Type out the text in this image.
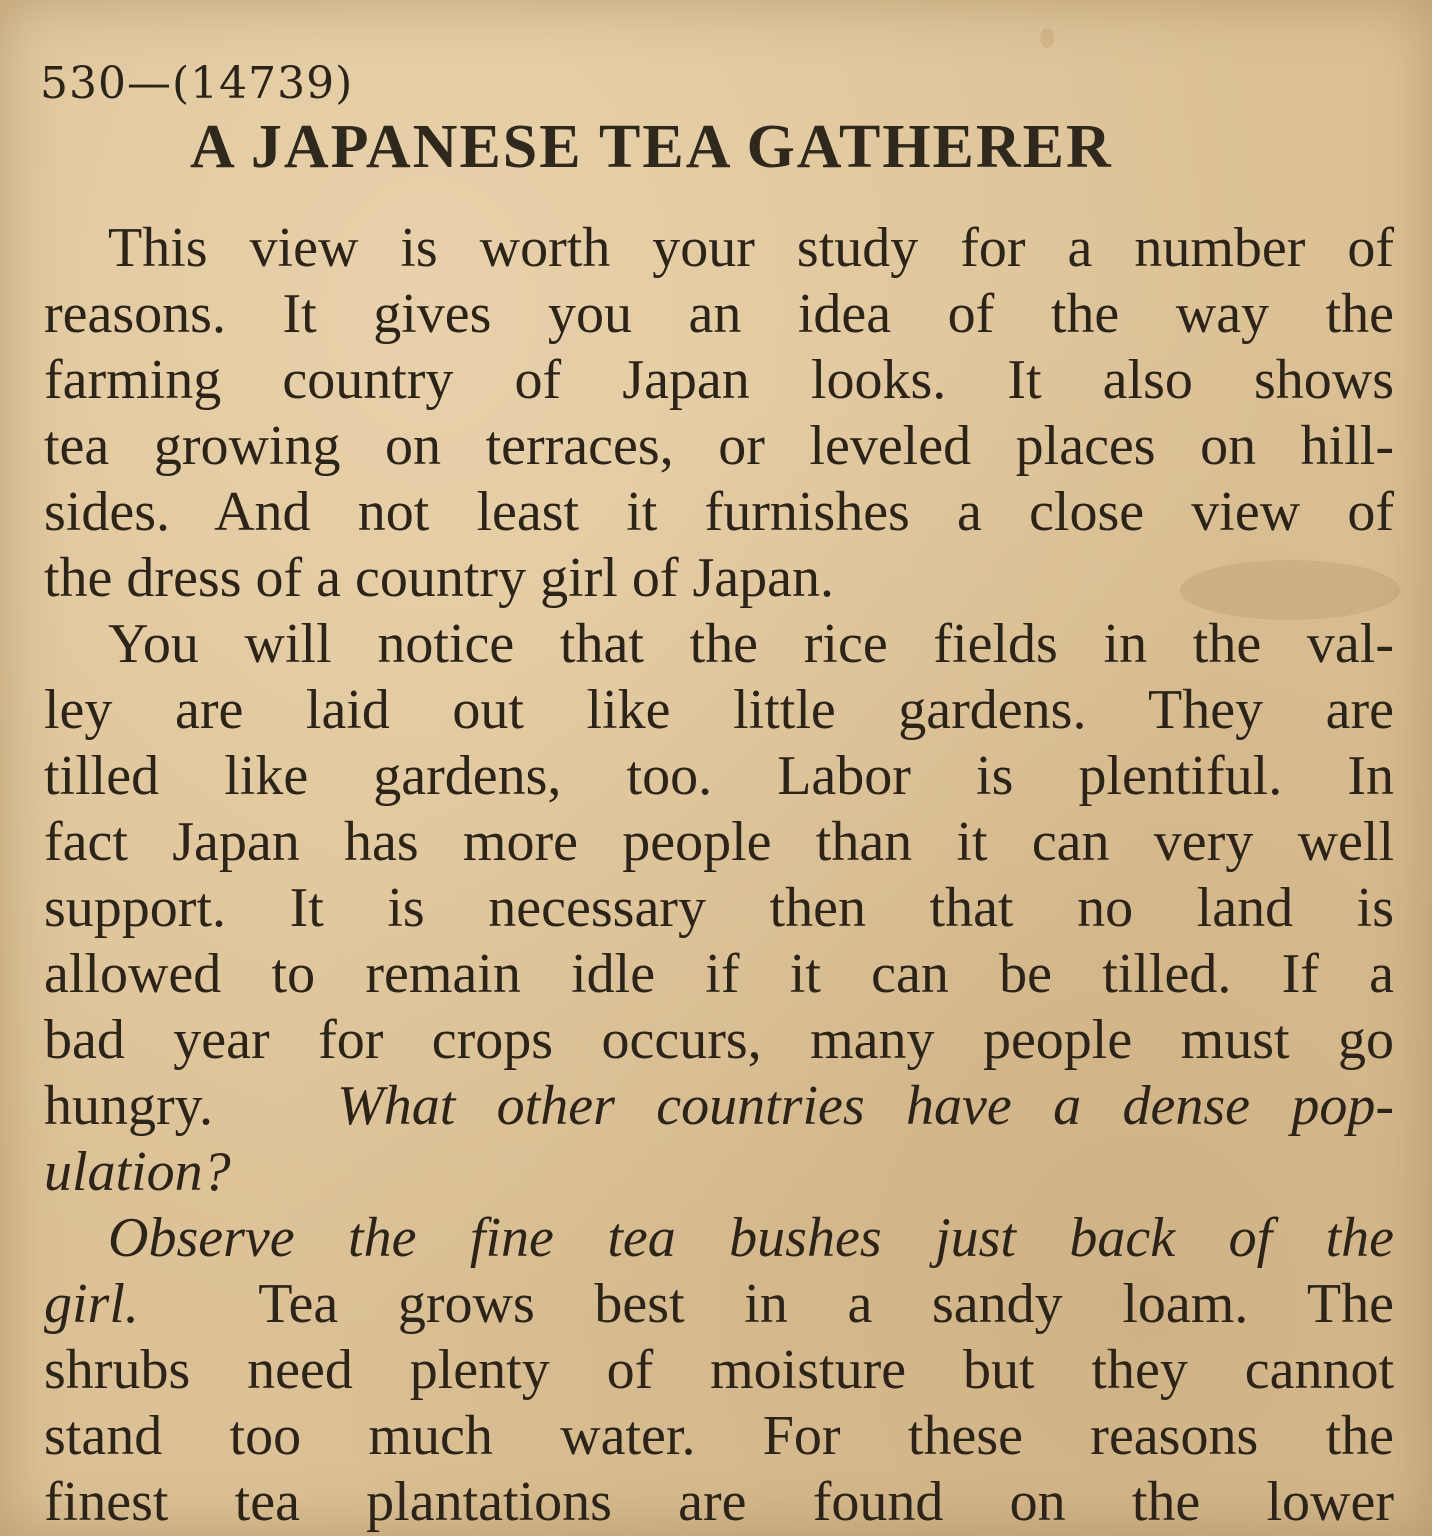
530—(14739)
A JAPANESE TEA GATHERER
This view is worth your study for a number of
reasons. It gives you an idea of the way the
farming country of Japan looks. It also shows
tea growing on terraces, or leveled places on hill-
sides. And not least it furnishes a close view of
the dress of a country girl of Japan.
You will notice that the rice fields in the val-
ley are laid out like little gardens. They are
tilled like gardens, too. Labor is plentiful. In
fact Japan has more people than it can very well
support. It is necessary then that no land is
allowed to remain idle if it can be tilled. If a
bad year for crops occurs, many people must go
hungry. What other countries have a dense pop-
ulation?
Observe the fine tea bushes just back of the
girl. Tea grows best in a sandy loam. The
shrubs need plenty of moisture but they cannot
stand too much water. For these reasons the
finest tea plantations are found on the lower
